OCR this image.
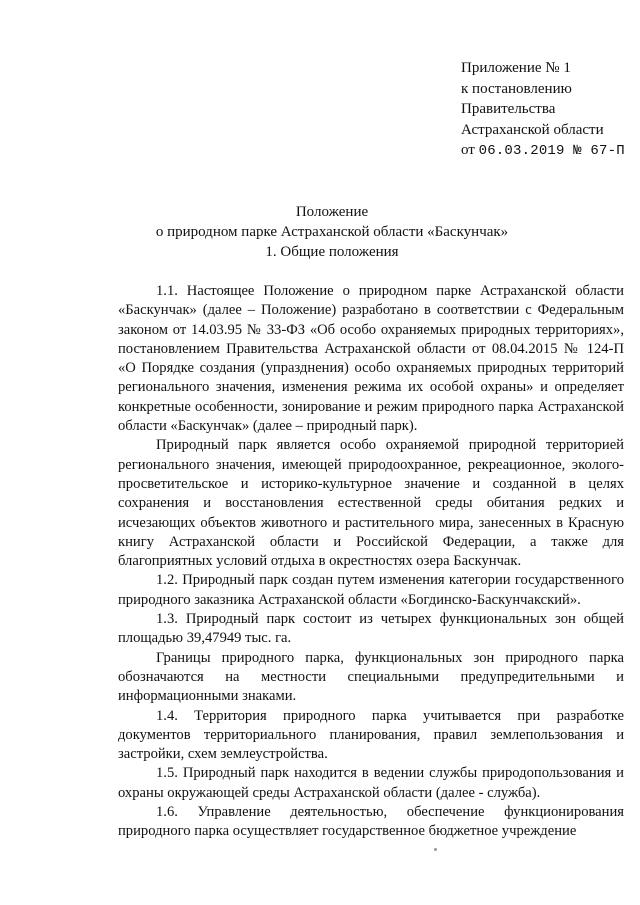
Приложение № 1
к постановлению
Правительства
Астраханской области
от 06.03.2019 № 67-П
Положение
о природном парке Астраханской области «Баскунчак»
1. Общие положения

1.1. Настоящее Положение о природном парке Астраханской области «Баскунчак» (далее – Положение) разработано в соответствии с Федеральным законом от 14.03.95 № 33-ФЗ «Об особо охраняемых природных территориях», постановлением Правительства Астраханской области от 08.04.2015 № 124-П «О Порядке создания (упразднения) особо охраняемых природных территорий регионального значения, изменения режима их особой охраны» и определяет конкретные особенности, зонирование и режим природного парка Астраханской области «Баскунчак» (далее – природный парк).

Природный парк является особо охраняемой природной территорией регионального значения, имеющей природоохранное, рекреационное, эколого-просветительское и историко-культурное значение и созданной в целях сохранения и восстановления естественной среды обитания редких и исчезающих объектов животного и растительного мира, занесенных в Красную книгу Астраханской области и Российской Федерации, а также для благоприятных условий отдыха в окрестностях озера Баскунчак.

1.2. Природный парк создан путем изменения категории государственного природного заказника Астраханской области «Богдинско-Баскунчакский».

1.3. Природный парк состоит из четырех функциональных зон общей площадью 39,47949 тыс. га.

Границы природного парка, функциональных зон природного парка обозначаются на местности специальными предупредительными и информационными знаками.

1.4. Территория природного парка учитывается при разработке документов территориального планирования, правил землепользования и застройки, схем землеустройства.

1.5. Природный парк находится в ведении службы природопользования и охраны окружающей среды Астраханской области (далее - служба).

1.6. Управление деятельностью, обеспечение функционирования природного парка осуществляет государственное бюджетное учреждение
